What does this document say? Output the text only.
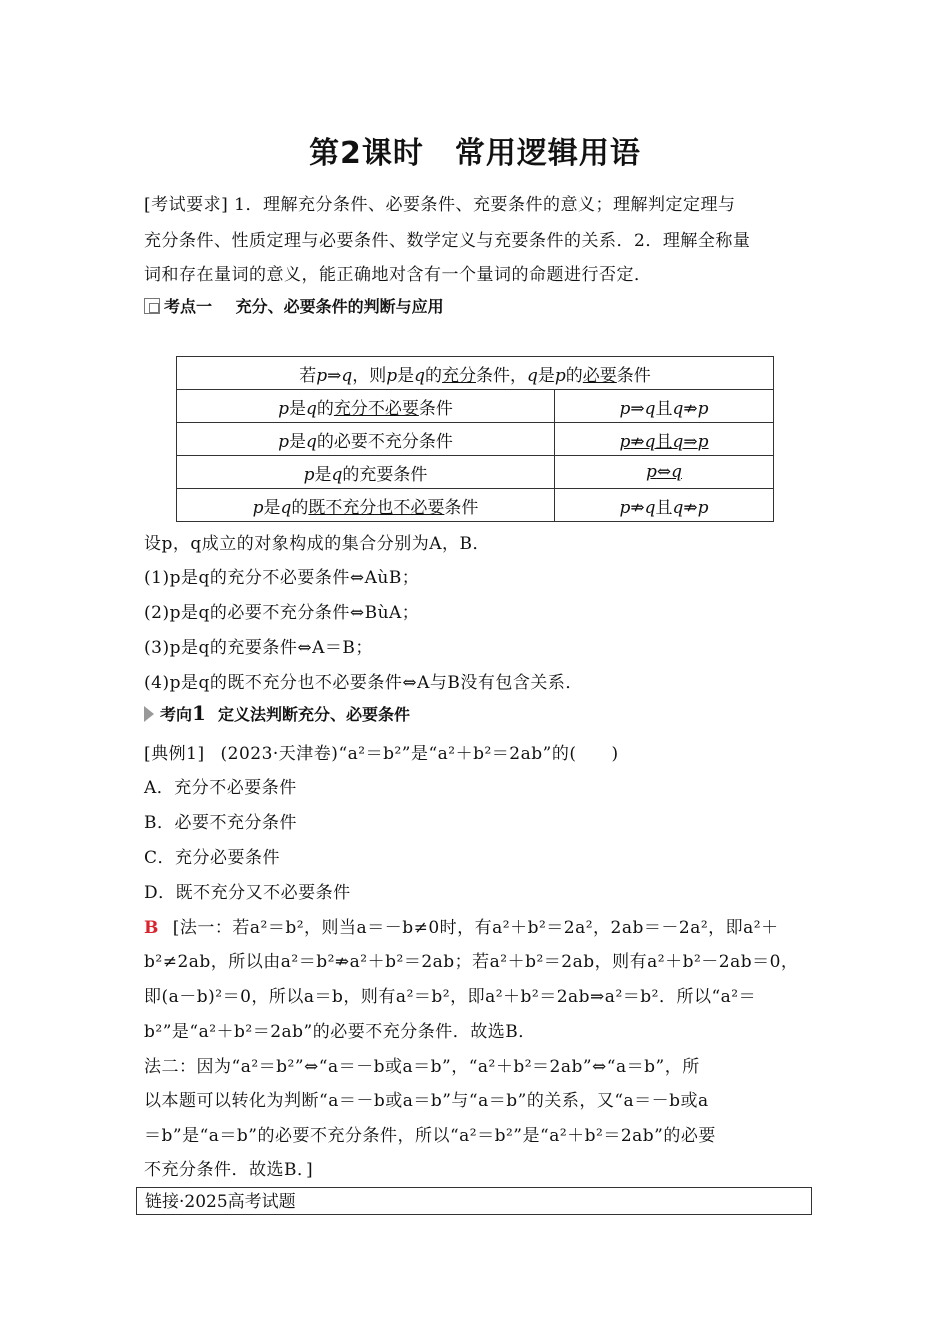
第2课时　常用逻辑用语
[考试要求] 1．理解充分条件、必要条件、充要条件的意义；理解判定定理与
充分条件、性质定理与必要条件、数学定义与充要条件的关系．2．理解全称量
词和存在量词的意义，能正确地对含有一个量词的命题进行否定．
考点一 充分、必要条件的判断与应用
若p⇒q，则p是q的充分条件，q是p的必要条件	
p是q的充分不必要条件	p⇒q且q⇏p
p是q的必要不充分条件	p⇏q且q⇒p
p是q的充要条件	p⇔q
p是q的既不充分也不必要条件	p⇏q且q⇏p
设p，q成立的对象构成的集合分别为A，B．
(1)p是q的充分不必要条件⇔AùB；
(2)p是q的必要不充分条件⇔BùA；
(3)p是q的充要条件⇔A＝B；
(4)p是q的既不充分也不必要条件⇔A与B没有包含关系．
考向1 定义法判断充分、必要条件
[典例1] (2023·天津卷)“a²＝b²”是“a²＋b²＝2ab”的(　　)
A．充分不必要条件
B．必要不充分条件
C．充分必要条件
D．既不充分又不必要条件
B [法一：若a²＝b²，则当a＝－b≠0时，有a²＋b²＝2a²，2ab＝－2a²，即a²＋
b²≠2ab，所以由a²＝b²⇏a²＋b²＝2ab；若a²＋b²＝2ab，则有a²＋b²－2ab＝0，
即(a－b)²＝0，所以a＝b，则有a²＝b²，即a²＋b²＝2ab⇒a²＝b²．所以“a²＝
b²”是“a²＋b²＝2ab”的必要不充分条件．故选B．
法二：因为“a²＝b²”⇔“a＝－b或a＝b”，“a²＋b²＝2ab”⇔“a＝b”，所
以本题可以转化为判断“a＝－b或a＝b”与“a＝b”的关系，又“a＝－b或a
＝b”是“a＝b”的必要不充分条件，所以“a²＝b²”是“a²＋b²＝2ab”的必要
不充分条件．故选B．]
链接·2025高考试题
